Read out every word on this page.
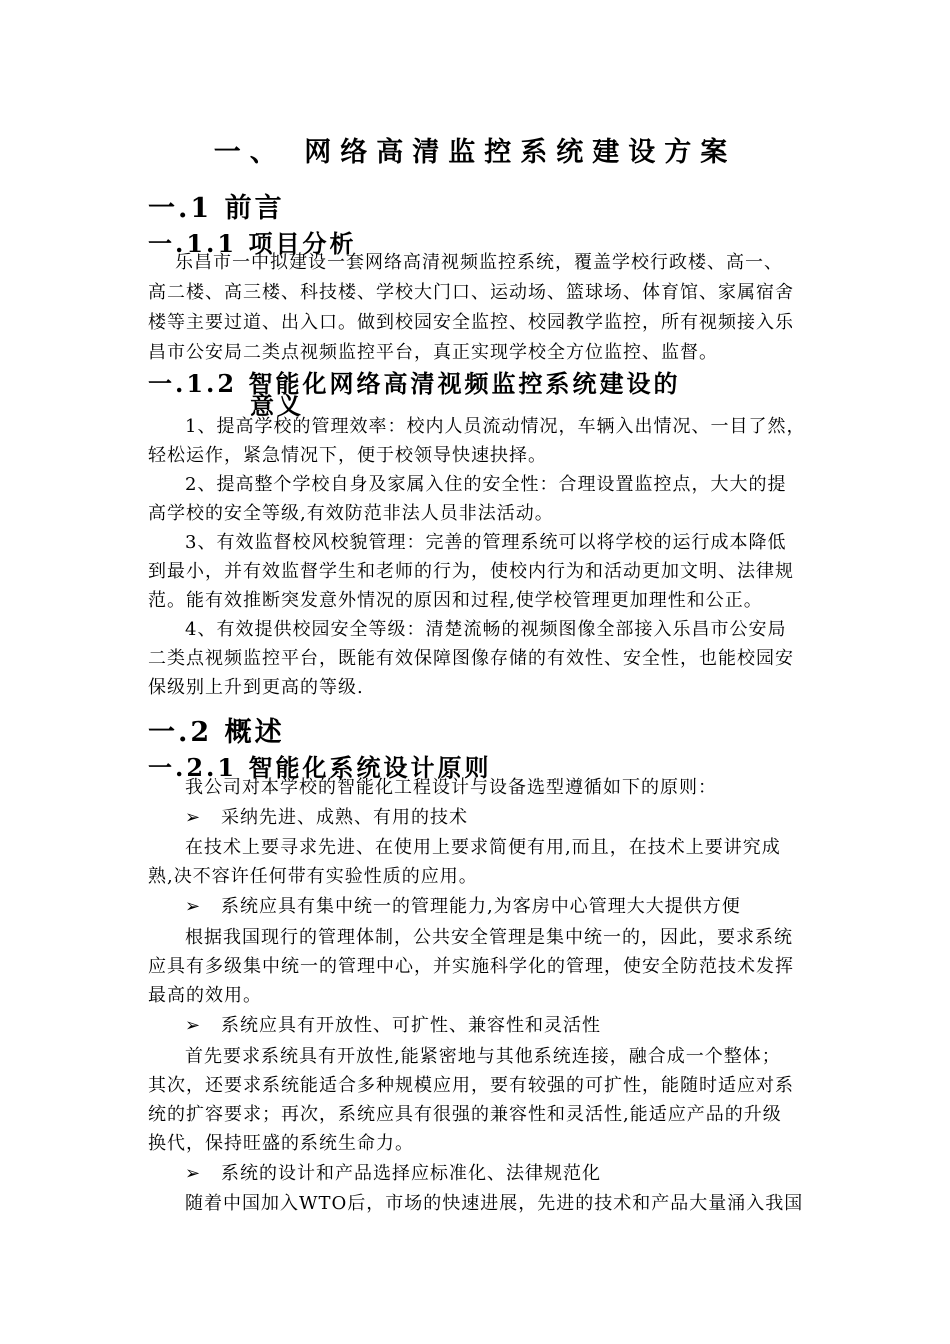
一、 网络高清监控系统建设方案
一.1 前言
一.1.1 项目分析
乐昌市一中拟建设一套网络高清视频监控系统，覆盖学校行政楼、高一、
高二楼、高三楼、科技楼、学校大门口、运动场、篮球场、体育馆、家属宿舍
楼等主要过道、出入口。做到校园安全监控、校园教学监控，所有视频接入乐
昌市公安局二类点视频监控平台，真正实现学校全方位监控、监督。
一.1.2 智能化网络高清视频监控系统建设的
意义
1、提高学校的管理效率：校内人员流动情况，车辆入出情况、一目了然，
轻松运作，紧急情况下，便于校领导快速抉择。
2、提高整个学校自身及家属入住的安全性：合理设置监控点，大大的提
高学校的安全等级,有效防范非法人员非法活动。
3、有效监督校风校貌管理：完善的管理系统可以将学校的运行成本降低
到最小，并有效监督学生和老师的行为，使校内行为和活动更加文明、法律规
范。能有效推断突发意外情况的原因和过程,使学校管理更加理性和公正。
4、有效提供校园安全等级：清楚流畅的视频图像全部接入乐昌市公安局
二类点视频监控平台，既能有效保障图像存储的有效性、安全性，也能校园安
保级别上升到更高的等级.
一.2 概述
一.2.1 智能化系统设计原则
我公司对本学校的智能化工程设计与设备选型遵循如下的原则：
➢ 采纳先进、成熟、有用的技术
在技术上要寻求先进、在使用上要求简便有用,而且，在技术上要讲究成
熟,决不容许任何带有实验性质的应用。
➢ 系统应具有集中统一的管理能力,为客房中心管理大大提供方便
根据我国现行的管理体制，公共安全管理是集中统一的，因此，要求系统
应具有多级集中统一的管理中心，并实施科学化的管理，使安全防范技术发挥
最高的效用。
➢ 系统应具有开放性、可扩性、兼容性和灵活性
首先要求系统具有开放性,能紧密地与其他系统连接，融合成一个整体；
其次，还要求系统能适合多种规模应用，要有较强的可扩性，能随时适应对系
统的扩容要求；再次，系统应具有很强的兼容性和灵活性,能适应产品的升级
换代，保持旺盛的系统生命力。
➢ 系统的设计和产品选择应标准化、法律规范化
随着中国加入WTO后，市场的快速进展，先进的技术和产品大量涌入我国
